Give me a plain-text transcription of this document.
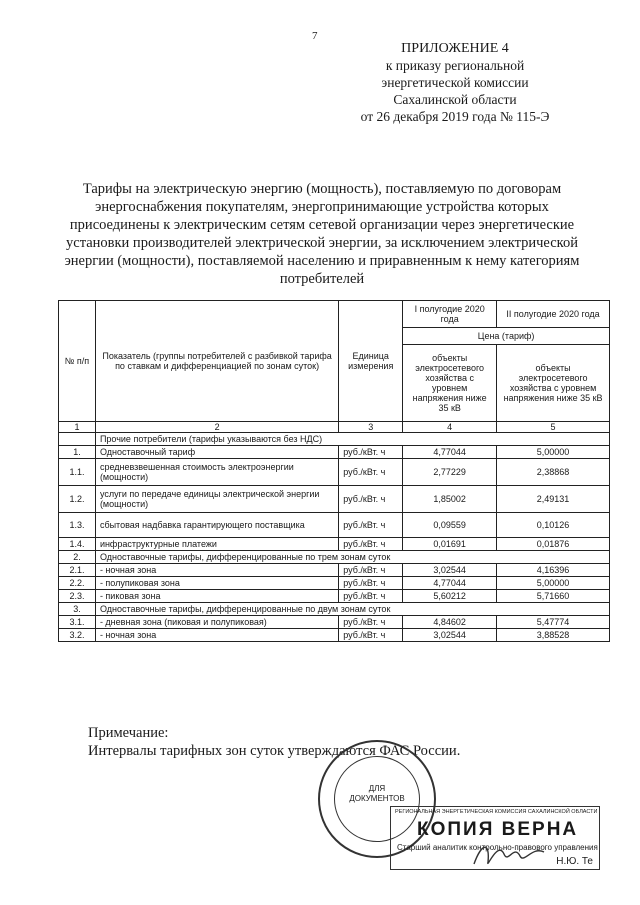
7
ПРИЛОЖЕНИЕ 4
к приказу региональной
энергетической комиссии
Сахалинской области
от 26 декабря 2019 года № 115-Э
Тарифы на электрическую энергию (мощность), поставляемую по договорам энергоснабжения покупателям, энергопринимающие устройства которых присоединены к электрическим сетям сетевой организации через энергетические установки производителей электрической энергии, за исключением электрической энергии (мощности), поставляемой населению и приравненным к нему категориям потребителей
№ п/п	Показатель (группы потребителей с разбивкой тарифа по ставкам и дифференциацией по зонам суток)	Единица измерения	I полугодие 2020 года	II полугодие 2020 года
			Цена (тариф)	
			объекты электросетевого хозяйства с уровнем напряжения ниже 35 кВ	объекты электросетевого хозяйства с уровнем напряжения ниже 35 кВ
1	2	3	4	5
	Прочие потребители (тарифы указываются без НДС)			
1.	Одноставочный тариф	руб./кВт. ч	4,77044	5,00000
1.1.	средневзвешенная стоимость электроэнергии (мощности)	руб./кВт. ч	2,77229	2,38868
1.2.	услуги по передаче единицы электрической энергии (мощности)	руб./кВт. ч	1,85002	2,49131
1.3.	сбытовая надбавка гарантирующего поставщика	руб./кВт. ч	0,09559	0,10126
1.4.	инфраструктурные платежи	руб./кВт. ч	0,01691	0,01876
2.	Одноставочные тарифы, дифференцированные по трем зонам суток			
2.1.	- ночная зона	руб./кВт. ч	3,02544	4,16396
2.2.	- полупиковая зона	руб./кВт. ч	4,77044	5,00000
2.3.	- пиковая зона	руб./кВт. ч	5,60212	5,71660
3.	Одноставочные тарифы, дифференцированные по двум зонам суток			
3.1.	- дневная зона (пиковая и полупиковая)	руб./кВт. ч	4,84602	5,47774
3.2.	- ночная зона	руб./кВт. ч	3,02544	3,88528
Примечание:
Интервалы тарифных зон суток утверждаются ФАС России.
ДЛЯ
ДОКУМЕНТОВ
РЕГИОНАЛЬНАЯ ЭНЕРГЕТИЧЕСКАЯ КОМИССИЯ САХАЛИНСКОЙ ОБЛАСТИ
КОПИЯ ВЕРНА
Старший аналитик контрольно-правового управления
Н.Ю. Те
